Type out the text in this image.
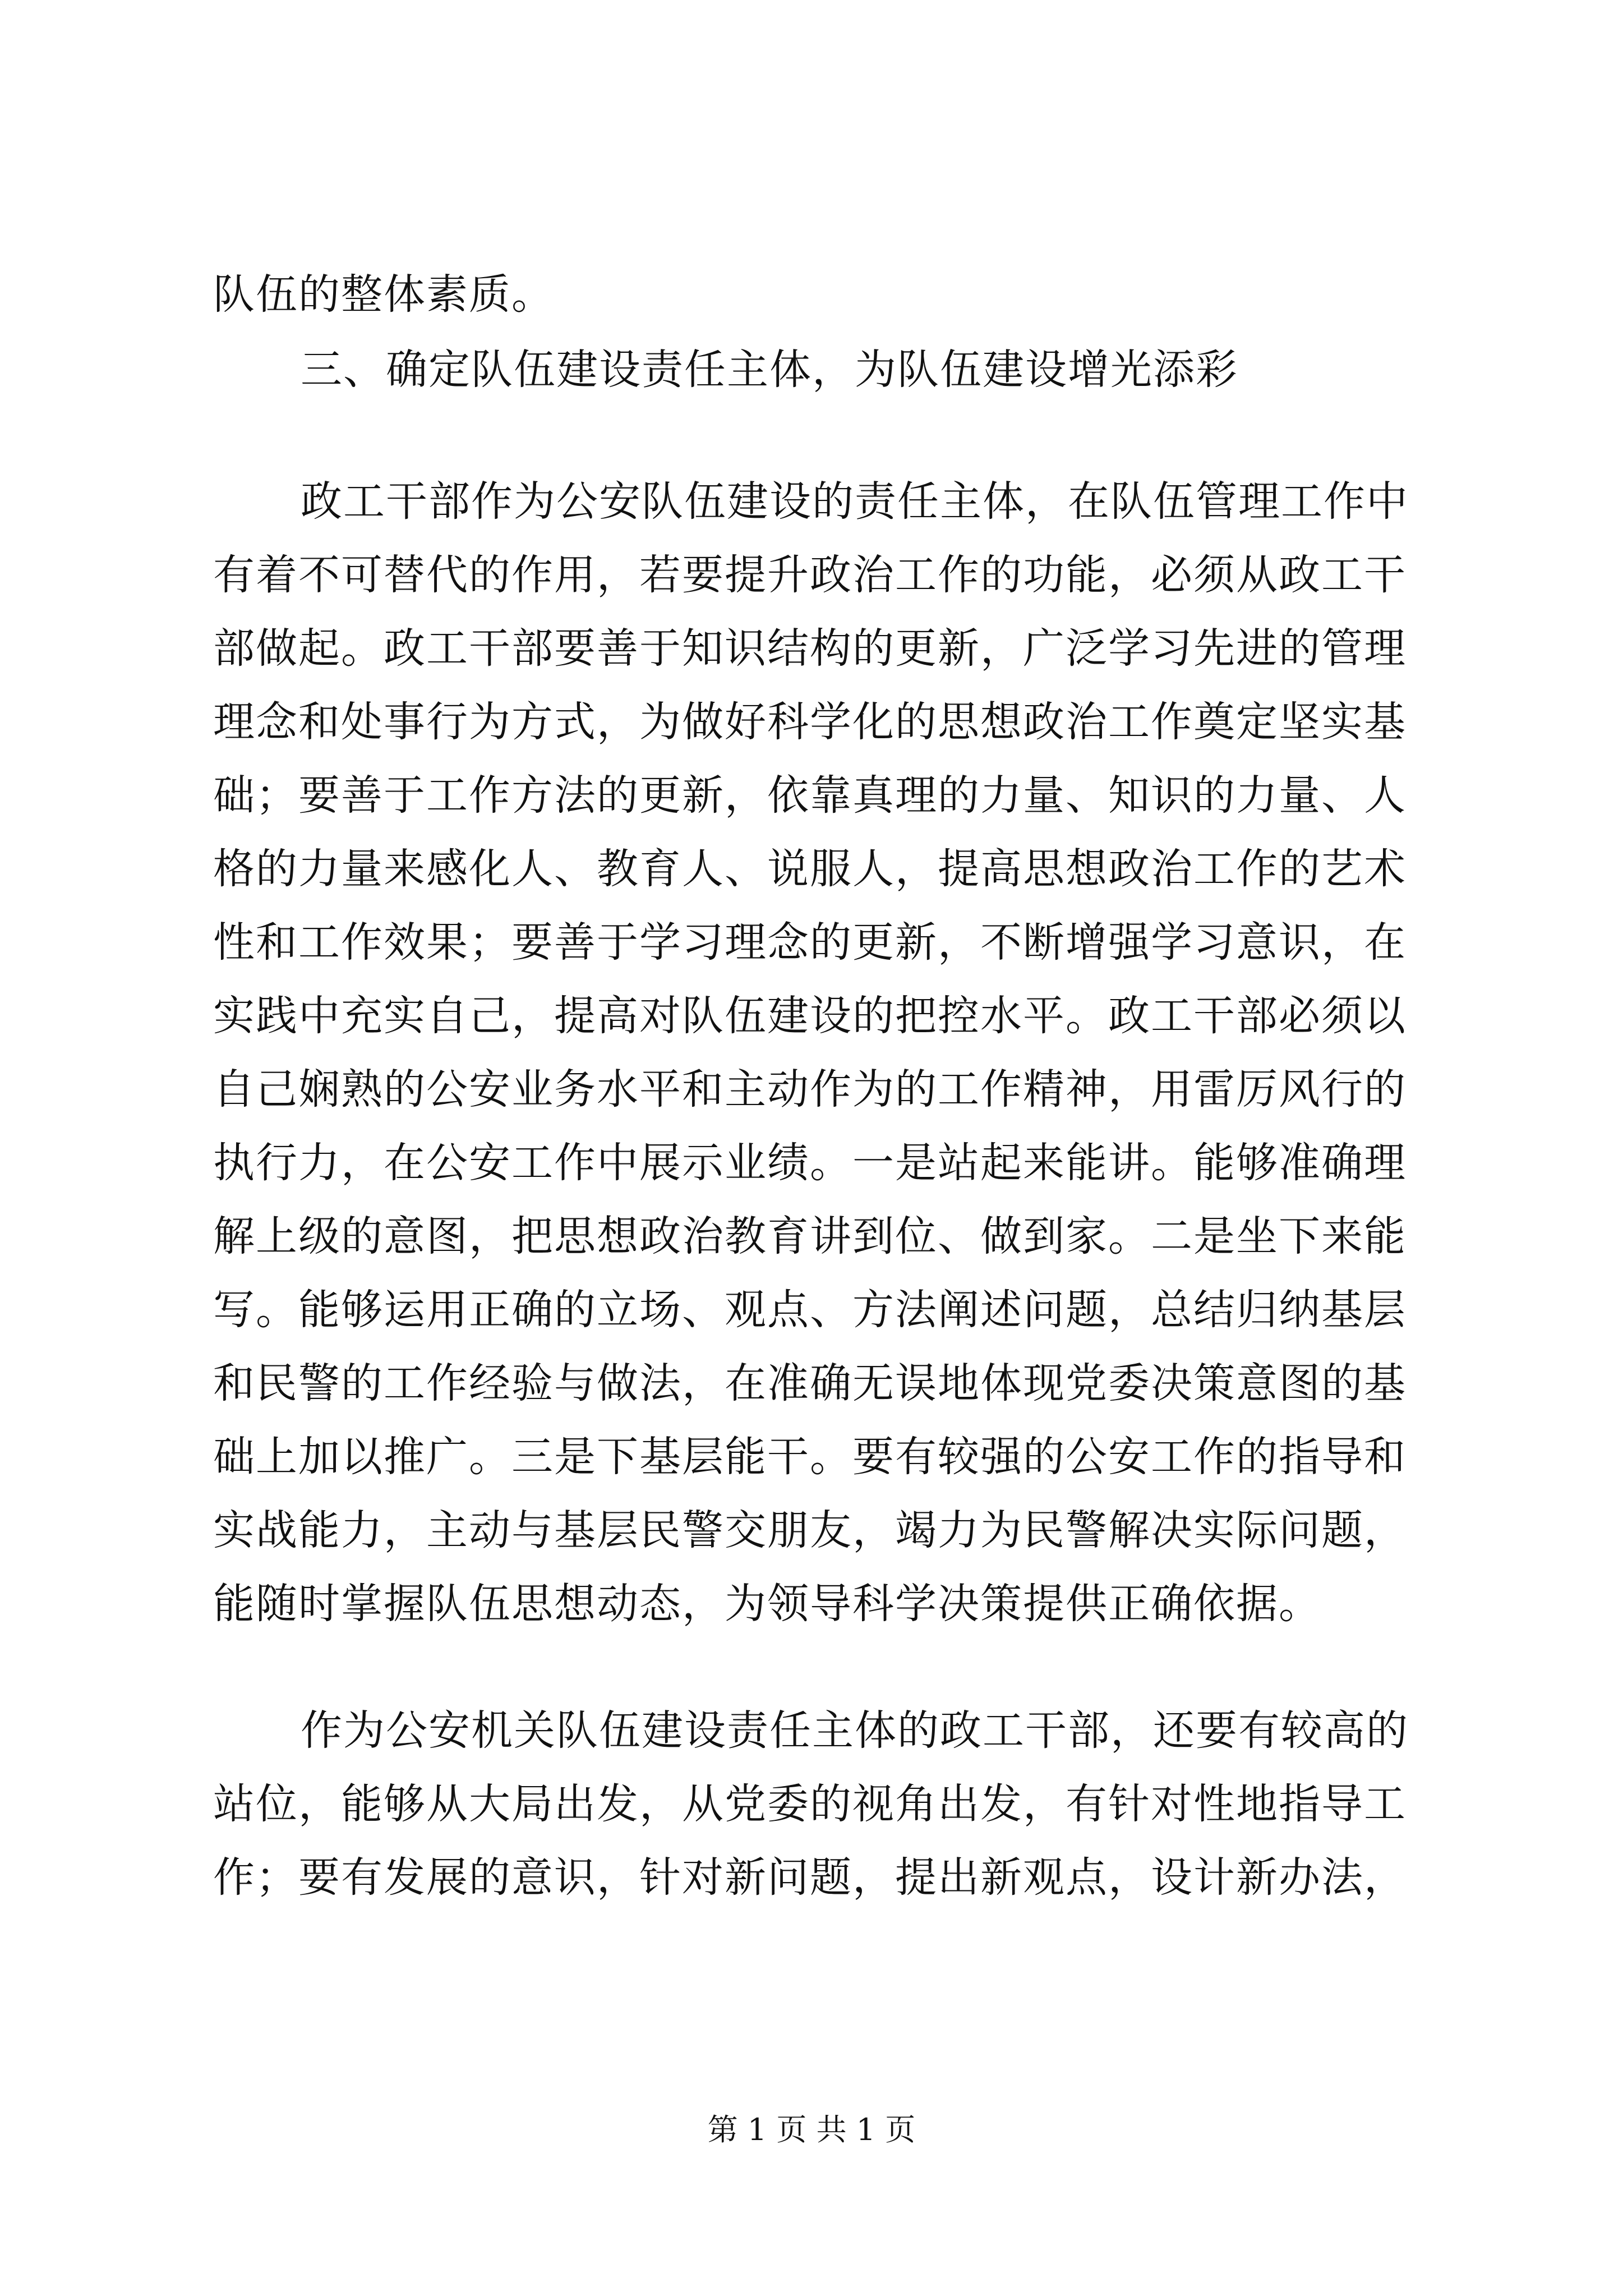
队伍的整体素质。
三、确定队伍建设责任主体，为队伍建设增光添彩
政工干部作为公安队伍建设的责任主体，在队伍管理工作中
有着不可替代的作用，若要提升政治工作的功能，必须从政工干
部做起。政工干部要善于知识结构的更新，广泛学习先进的管理
理念和处事行为方式，为做好科学化的思想政治工作奠定坚实基
础；要善于工作方法的更新，依靠真理的力量、知识的力量、人
格的力量来感化人、教育人、说服人，提高思想政治工作的艺术
性和工作效果；要善于学习理念的更新，不断增强学习意识，在
实践中充实自己，提高对队伍建设的把控水平。政工干部必须以
自己娴熟的公安业务水平和主动作为的工作精神，用雷厉风行的
执行力，在公安工作中展示业绩。一是站起来能讲。能够准确理
解上级的意图，把思想政治教育讲到位、做到家。二是坐下来能
写。能够运用正确的立场、观点、方法阐述问题，总结归纳基层
和民警的工作经验与做法，在准确无误地体现党委决策意图的基
础上加以推广。三是下基层能干。要有较强的公安工作的指导和
实战能力，主动与基层民警交朋友，竭力为民警解决实际问题，
能随时掌握队伍思想动态，为领导科学决策提供正确依据。
作为公安机关队伍建设责任主体的政工干部，还要有较高的
站位，能够从大局出发，从党委的视角出发，有针对性地指导工
作；要有发展的意识，针对新问题，提出新观点，设计新办法，
第 1 页 共 1 页
